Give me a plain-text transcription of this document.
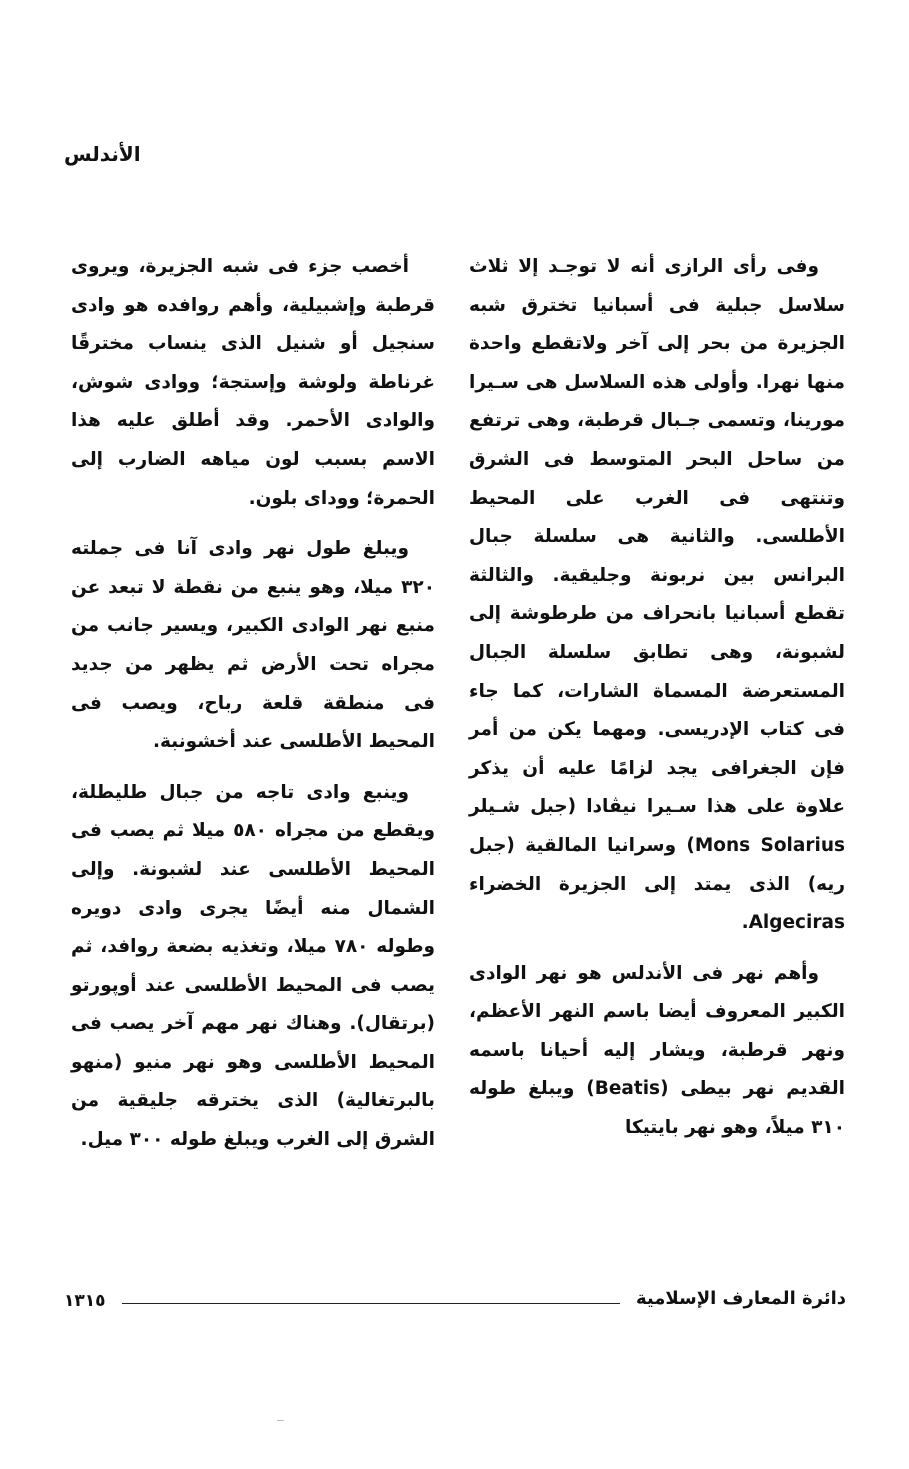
الأندلس

وفى رأى الرازى أنه لا توجـد إلا ثلاث سلاسل جبلية فى أسبانيا تخترق شبه الجزيرة من بحر إلى آخر ولاتقطع واحدة منها نهرا. وأولى هذه السلاسل هى سـيرا مورينا، وتسمى جـبال قرطبة، وهى ترتفع من ساحل البحر المتوسط فى الشرق وتنتهى فى الغرب على المحيط الأطلسى. والثانية هى سلسلة جبال البرانس بين نربونة وجليقية. والثالثة تقطع أسبانيا بانحراف من طرطوشة إلى لشبونة، وهى تطابق سلسلة الجبال المستعرضة المسماة الشارات، كما جاء فى كتاب الإدريسى. ومهما يكن من أمر فإن الجغرافى يجد لزامًا عليه أن يذكر علاوة على هذا سـيرا نيڤادا (جبل شـيلر Mons Solarius) وسرانيا المالقية (جبل ريه) الذى يمتد إلى الجزيرة الخضراء Algeciras.

وأهم نهر فى الأندلس هو نهر الوادى الكبير المعروف أيضا باسم النهر الأعظم، ونهر قرطبة، ويشار إليه أحيانا باسمه القديم نهر بيطى (Beatis) ويبلغ طوله ٣١٠ ميلاً، وهو نهر بايتيكا

أخصب جزء فى شبه الجزيرة، ويروى قرطبة وإشبيلية، وأهم روافده هو وادى سنجيل أو شنيل الذى ينساب مخترقًا غرناطة ولوشة وإستجة؛ ووادى شوش، والوادى الأحمر. وقد أطلق عليه هذا الاسم بسبب لون مياهه الضارب إلى الحمرة؛ وودای بلون.

ويبلغ طول نهر وادى آنا فى جملته ٣٢٠ ميلا، وهو ينبع من نقطة لا تبعد عن منبع نهر الوادى الكبير، ويسير جانب من مجراه تحت الأرض ثم يظهر من جديد فى منطقة قلعة رباح، ويصب فى المحيط الأطلسى عند أخشونبة.

وينبع وادى تاجه من جبال طليطلة، ويقطع من مجراه ٥٨٠ ميلا ثم يصب فى المحيط الأطلسى عند لشبونة. وإلى الشمال منه أيضًا يجرى وادى دويره وطوله ٧٨٠ ميلا، وتغذيه بضعة روافد، ثم يصب فى المحيط الأطلسى عند أوپورتو (برتقال). وهناك نهر مهم آخر يصب فى المحيط الأطلسى وهو نهر منيو (منهو بالبرتغالية) الذى يخترقه جليقية من الشرق إلى الغرب ويبلغ طوله ٣٠٠ ميل.

دائرة المعارف الإسلامية
١٣١٥
